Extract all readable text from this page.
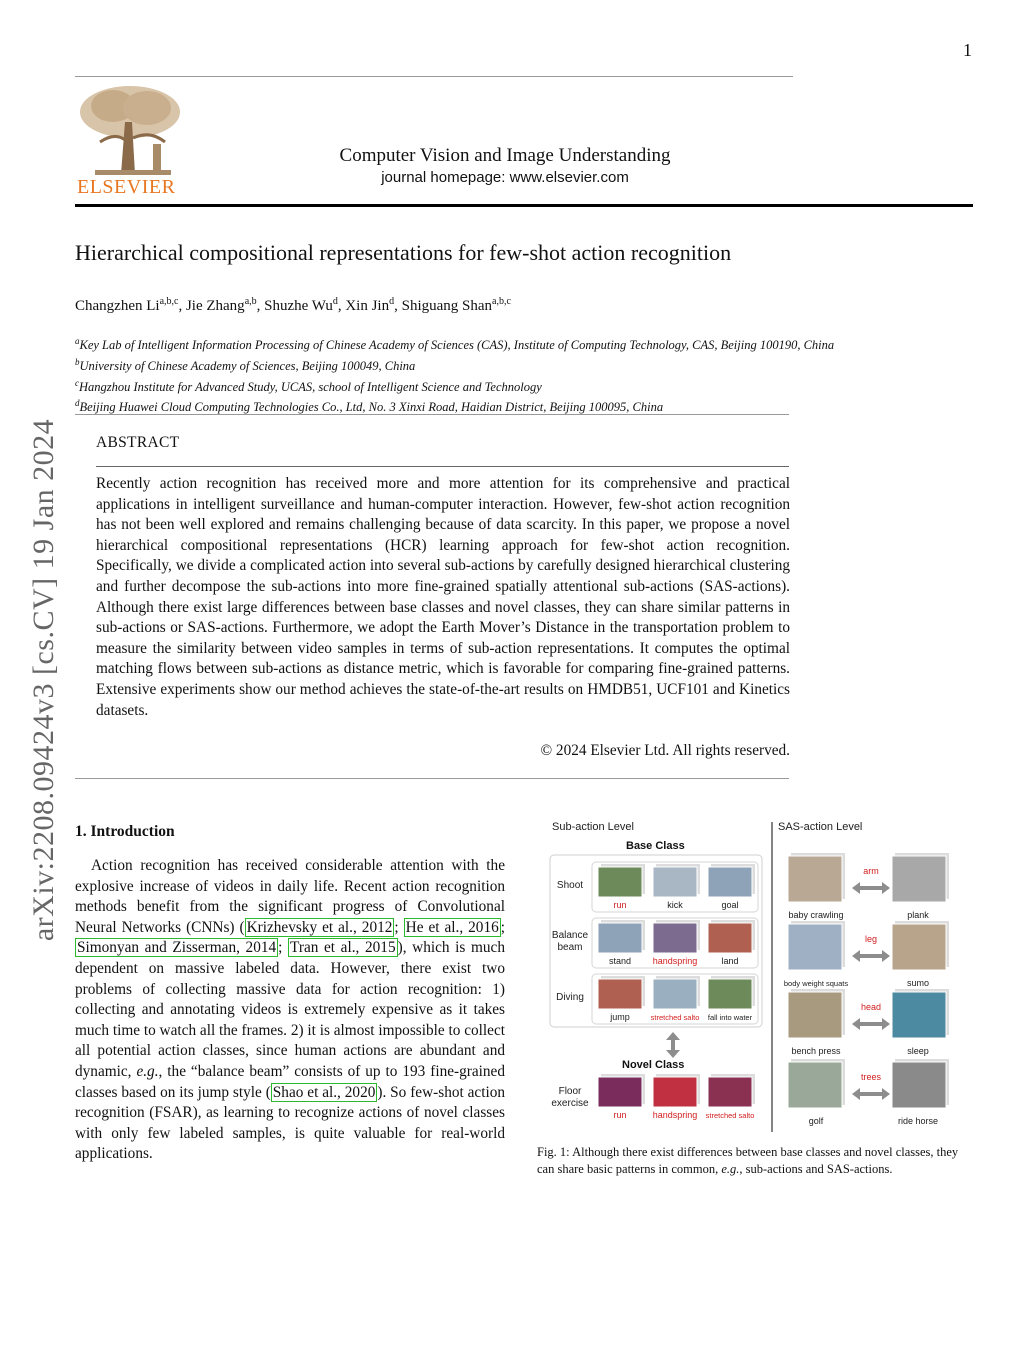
1
ELSEVIER
Computer Vision and Image Understanding
journal homepage: www.elsevier.com
Hierarchical compositional representations for few-shot action recognition
Changzhen Li$^{a,b,c}$, Jie Zhang$^{a,b}$, Shuzhe Wu$^d$, Xin Jin$^d$, Shiguang Shan$^{a,b,c}$
$^a$Key Lab of Intelligent Information Processing of Chinese Academy of Sciences (CAS), Institute of Computing Technology, CAS, Beijing 100190, China
$^b$University of Chinese Academy of Sciences, Beijing 100049, China
$^c$Hangzhou Institute for Advanced Study, UCAS, school of Intelligent Science and Technology
$^d$Beijing Huawei Cloud Computing Technologies Co., Ltd, No. 3 Xinxi Road, Haidian District, Beijing 100095, China
ABSTRACT
Recently action recognition has received more and more attention for its comprehensive and practical applications in intelligent surveillance and human-computer interaction. However, few-shot action recognition has not been well explored and remains challenging because of data scarcity. In this paper, we propose a novel hierarchical compositional representations (HCR) learning approach for few-shot action recognition. Specifically, we divide a complicated action into several sub-actions by carefully designed hierarchical clustering and further decompose the sub-actions into more fine-grained spatially attentional sub-actions (SAS-actions). Although there exist large differences between base classes and novel classes, they can share similar patterns in sub-actions or SAS-actions. Furthermore, we adopt the Earth Mover’s Distance in the transportation problem to measure the similarity between video samples in terms of sub-action representations. It computes the optimal matching flows between sub-actions as distance metric, which is favorable for comparing fine-grained patterns. Extensive experiments show our method achieves the state-of-the-art results on HMDB51, UCF101 and Kinetics datasets.
© 2024 Elsevier Ltd. All rights reserved.
arXiv:2208.09424v3 [cs.CV] 19 Jan 2024 1. Introduction
Action recognition has received considerable attention with the explosive increase of videos in daily life. Recent action recognition methods benefit from the significant progress of Convolutional Neural Networks (CNNs) ( Krizhevsky et al., 2012 ; He et al., 2016 ; Simonyan and Zisserman, 2014 ; Tran et al., 2015 ), which is much dependent on massive labeled data. However, there exist two problems of collecting massive data for action recognition: 1) collecting and annotating videos is extremely expensive as it takes much time to watch all the frames. 2) it is almost impossible to collect all potential action classes, since human actions are abundant and dynamic, e.g., the “balance beam” consists of up to 193 fine-grained classes based on its jump style ( Shao et al., 2020 ). So few-shot action recognition (FSAR), as learning to recognize actions of novel classes with only few labeled samples, is quite valuable for real-world applications.
Sub-action Level	SAS-action Level
Base Class
Shoot
run	kick	goal
Balance
beam
stand handspring	land
Diving
jump	stretched salto fall into water
Novel Class
Floor
exercise
run	handspring stretched salto
baby crawling	plank
arm
body weight squats	sumo
leg
bench press	sleep
head
golf	ride horse
trees
Fig. 1: Although there exist differences between base classes and novel classes, they can share basic patterns in common, e.g., sub-actions and SAS-actions.
